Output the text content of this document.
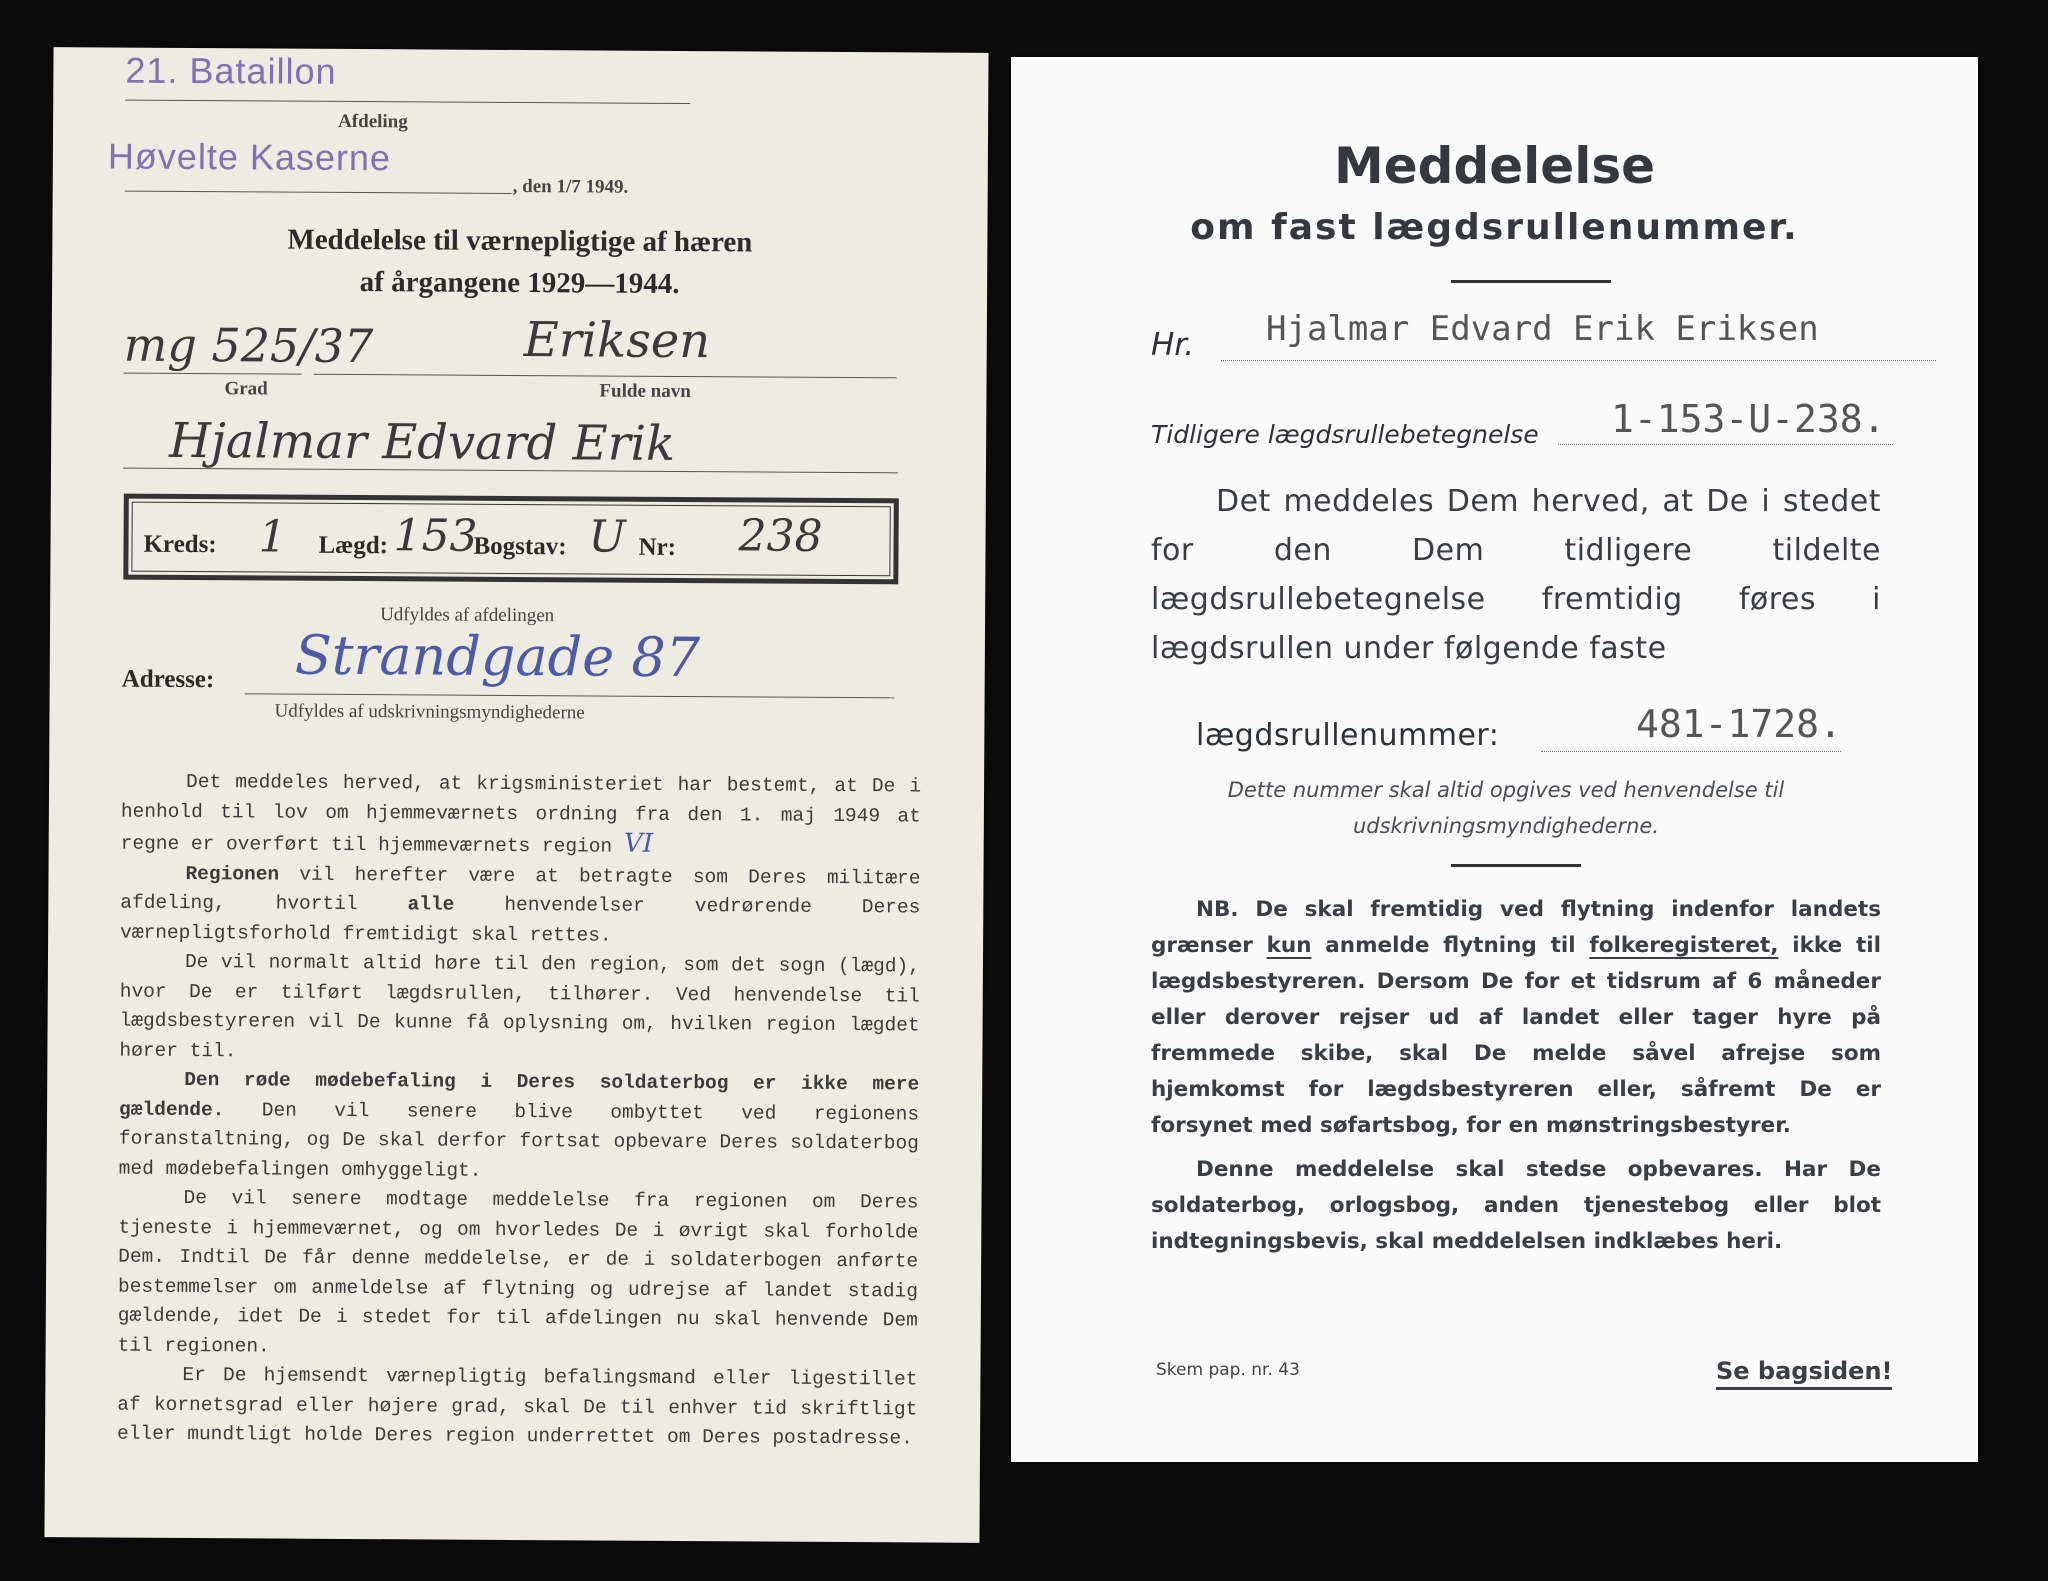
21. Bataillon
Afdeling
Høvelte Kaserne
, den 1/7 1949.
Meddelelse til værnepligtige af hæren
af årgangene 1929—1944.
mg 525/37	Eriksen
Grad	Fulde navn
Hjalmar Edvard Erik
Kreds: 1 Lægd: 153
Bogstav: U Nr: 238
Udfyldes af afdelingen
Strandgade 87
Adresse:
Udfyldes af udskrivningsmyndighederne

Det meddeles herved, at krigsministeriet har bestemt, at De i henhold til lov om hjemmeværnets ordning fra den 1. maj 1949 at regne er overført til hjemmeværnets region VI

Regionen vil herefter være at betragte som Deres militære afdeling, hvortil alle henvendelser vedrørende Deres værnepligtsforhold fremtidigt skal rettes.

De vil normalt altid høre til den region, som det sogn (lægd), hvor De er tilført lægdsrullen, tilhører. Ved henvendelse til lægdsbestyreren vil De kunne få oplysning om, hvilken region lægdet hører til.

Den røde mødebefaling i Deres soldaterbog er ikke mere gældende. Den vil senere blive ombyttet ved regionens foranstaltning, og De skal derfor fortsat opbevare Deres soldaterbog med mødebefalingen omhyggeligt.

De vil senere modtage meddelelse fra regionen om Deres tjeneste i hjemmeværnet, og om hvorledes De i øvrigt skal forholde Dem. Indtil De får denne meddelelse, er de i soldaterbogen anførte bestemmelser om anmeldelse af flytning og udrejse af landet stadig gældende, idet De i stedet for til afdelingen nu skal henvende Dem til regionen.

Er De hjemsendt værnepligtig befalingsmand eller ligestillet af kornetsgrad eller højere grad, skal De til enhver tid skriftligt eller mundtligt holde Deres region underrettet om Deres postadresse.

Meddelelse
om fast lægdsrullenummer.
Hr. Hjalmar Edvard Erik Eriksen
Tidligere lægdsrullebetegnelse 1-153-U-238.
Det meddeles Dem herved, at De i stedet for den Dem tidligere tildelte lægdsrullebetegnelse fremtidig føres i lægdsrullen under følgende faste
lægdsrullenummer:	481-1728.
Dette nummer skal altid opgives ved henvendelse til udskrivningsmyndighederne.

NB. De skal fremtidig ved flytning indenfor landets grænser kun anmelde flytning til folkeregisteret, ikke til lægdsbestyreren. Dersom De for et tidsrum af 6 måneder eller derover rejser ud af landet eller tager hyre på fremmede skibe, skal De melde såvel afrejse som hjemkomst for lægdsbestyreren eller, såfremt De er forsynet med søfartsbog, for en mønstringsbestyrer.

Denne meddelelse skal stedse opbevares. Har De soldaterbog, orlogsbog, anden tjenestebog eller blot indtegningsbevis, skal meddelelsen indklæbes heri.

Skem pap. nr. 43	Se bagsiden!
